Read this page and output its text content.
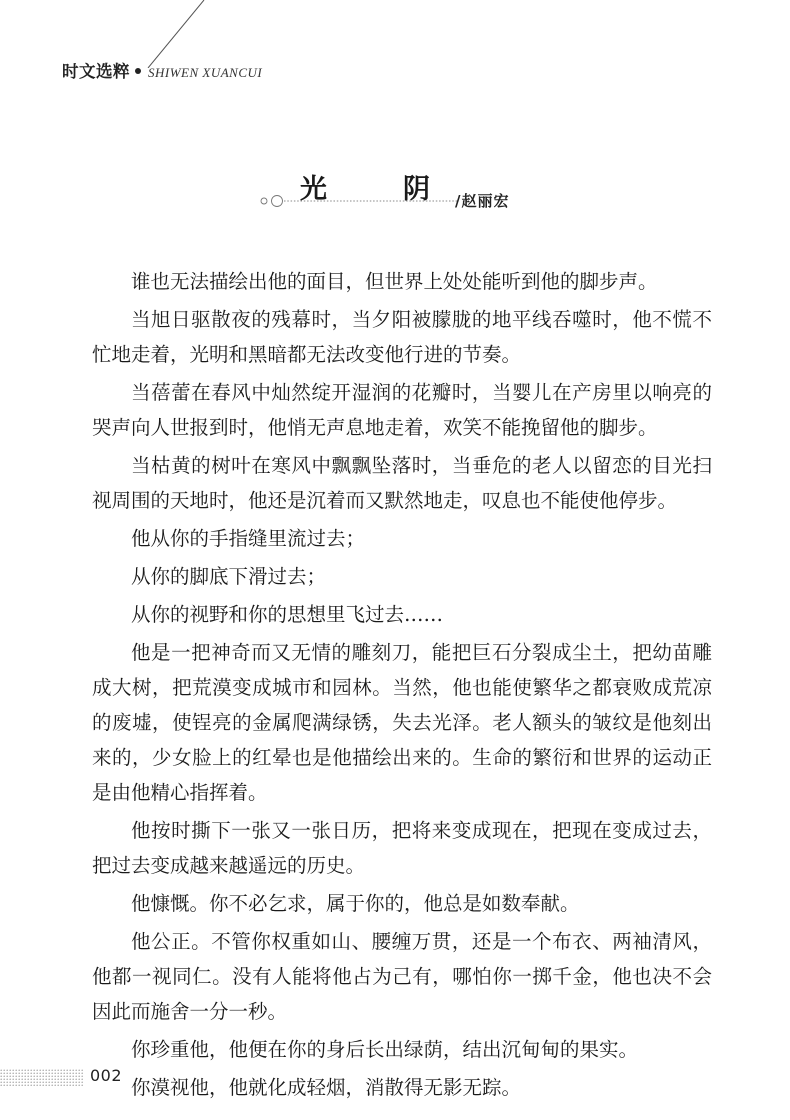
时文选粹 SHIWEN XUANCUI
光	阴 /赵丽宏

谁也无法描绘出他的面目，但世界上处处能听到他的脚步声。

当旭日驱散夜的残幕时，当夕阳被朦胧的地平线吞噬时，他不慌不忙地走着，光明和黑暗都无法改变他行进的节奏。

当蓓蕾在春风中灿然绽开湿润的花瓣时，当婴儿在产房里以响亮的哭声向人世报到时，他悄无声息地走着，欢笑不能挽留他的脚步。

当枯黄的树叶在寒风中飘飘坠落时，当垂危的老人以留恋的目光扫视周围的天地时，他还是沉着而又默然地走，叹息也不能使他停步。

他从你的手指缝里流过去；

从你的脚底下滑过去；

从你的视野和你的思想里飞过去……

他是一把神奇而又无情的雕刻刀，能把巨石分裂成尘土，把幼苗雕成大树，把荒漠变成城市和园林。当然，他也能使繁华之都衰败成荒凉的废墟，使锃亮的金属爬满绿锈，失去光泽。老人额头的皱纹是他刻出来的，少女脸上的红晕也是他描绘出来的。生命的繁衍和世界的运动正是由他精心指挥着。

他按时撕下一张又一张日历，把将来变成现在，把现在变成过去，把过去变成越来越遥远的历史。

他慷慨。你不必乞求，属于你的，他总是如数奉献。

他公正。不管你权重如山、腰缠万贯，还是一个布衣、两袖清风，他都一视同仁。没有人能将他占为己有，哪怕你一掷千金，他也决不会因此而施舍一分一秒。

你珍重他，他便在你的身后长出绿荫，结出沉甸甸的果实。

你漠视他，他就化成轻烟，消散得无影无踪。

002
